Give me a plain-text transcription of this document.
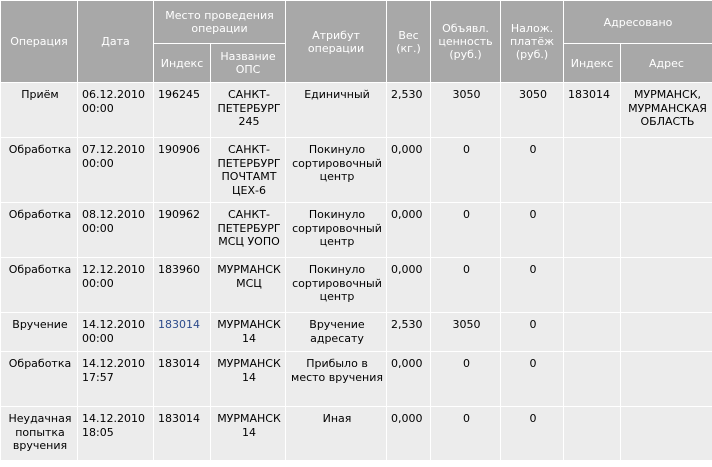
Операция	Дата	Место проведения операции		Атрибут операции	Вес (кг.)	Объявл. ценность (руб.)	Налож. платёж (руб.)	Адресовано	
		Индекс	Название ОПС					Индекс	Адрес
Приём	06.12.2010 00:00	196245	САНКТ-ПЕТЕРБУРГ 245	Единичный	2,530	3050	3050	183014	МУРМАНСК, МУРМАНСКАЯ ОБЛАСТЬ
Обработка	07.12.2010 00:00	190906	САНКТ-ПЕТЕРБУРГ ПОЧТАМТ ЦЕХ-6	Покинуло сортировочный центр	0,000	0	0		
Обработка	08.12.2010 00:00	190962	САНКТ-ПЕТЕРБУРГ МСЦ УОПО	Покинуло сортировочный центр	0,000	0	0		
Обработка	12.12.2010 00:00	183960	МУРМАНСК МСЦ	Покинуло сортировочный центр	0,000	0	0		
Вручение	14.12.2010 00:00	183014	МУРМАНСК 14	Вручение адресату	2,530	3050	0		
Обработка	14.12.2010 17:57	183014	МУРМАНСК 14	Прибыло в место вручения	0,000	0	0		
Неудачная попытка вручения	14.12.2010 18:05	183014	МУРМАНСК 14	Иная	0,000	0	0		
